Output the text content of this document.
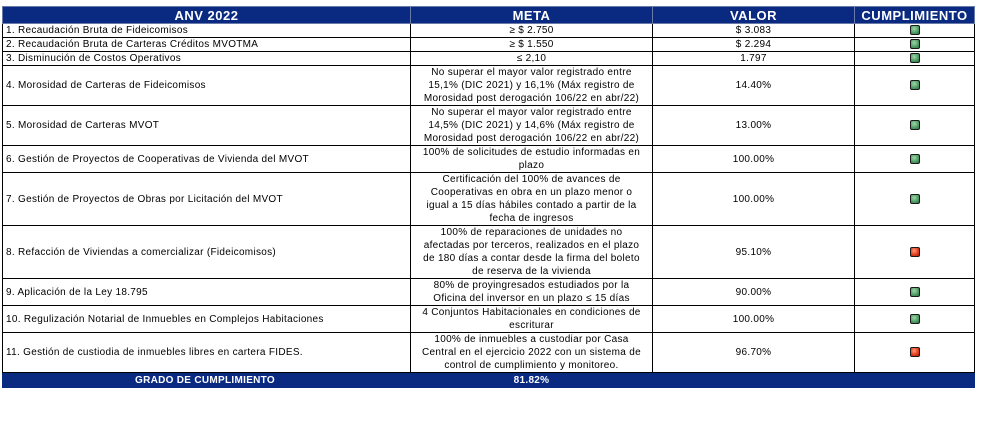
ANV 2022	META	VALOR	CUMPLIMIENTO
1. Recaudación Bruta de Fideicomisos	≥ $ 2.750	$ 3.083	
2. Recaudación Bruta de Carteras Créditos MVOTMA	≥ $ 1.550	$ 2.294	
3. Disminución de Costos Operativos	≤ 2,10	1.797	
4. Morosidad de Carteras de Fideicomisos	No superar el mayor valor registrado entre
15,1% (DIC 2021) y 16,1% (Máx registro de
Morosidad post derogación 106/22 en abr/22)	14.40%	
5. Morosidad de Carteras MVOT	No superar el mayor valor registrado entre
14,5% (DIC 2021) y 14,6% (Máx registro de
Morosidad post derogación 106/22 en abr/22)	13.00%	
6. Gestión de Proyectos de Cooperativas de Vivienda del MVOT	100% de solicitudes de estudio informadas en
plazo	100.00%	
7. Gestión de Proyectos de Obras por Licitación del MVOT	Certificación del 100% de avances de
Cooperativas en obra en un plazo menor o
igual a 15 días hábiles contado a partir de la
fecha de ingresos	100.00%	
8. Refacción de Viviendas a comercializar (Fideicomisos)	100% de reparaciones de unidades no
afectadas por terceros, realizados en el plazo
de 180 días a contar desde la firma del boleto
de reserva de la vivienda	95.10%	
9. Aplicación de la Ley 18.795	80% de proyingresados estudiados por la
Oficina del inversor en un plazo ≤ 15 días	90.00%	
10. Regulización Notarial de Inmuebles en Complejos Habitaciones	4 Conjuntos Habitacionales en condiciones de
escriturar	100.00%	
11. Gestión de custiodia de inmuebles libres en cartera FIDES.	100% de inmuebles a custodiar por Casa
Central en el ejercicio 2022 con un sistema de
control de cumplimiento y monitoreo.	96.70%	
GRADO DE CUMPLIMIENTO	81.82%		
